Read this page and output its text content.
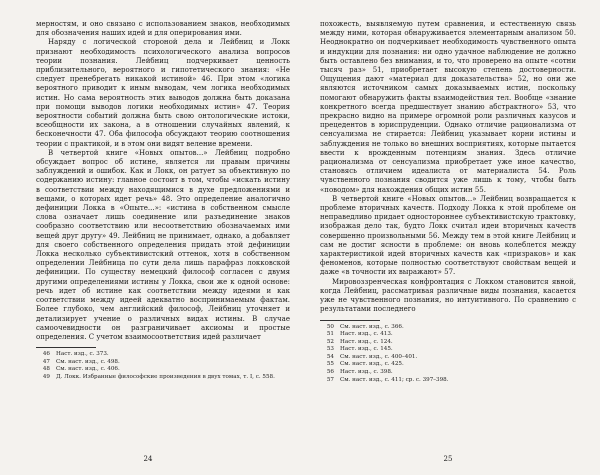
мерностям, и оно связано с использованием знаков, необходимых для обозначения наших идей и для оперирования ими.

Наряду с логической стороной дела и Лейбниц и Локк признают необходимость психологического анализа вопросов теории познания. Лейбниц подчеркивает ценность приблизительного, вероятного и гипотетического знания: «Не следует пренебрегать никакой истиной» 46. При этом «логика вероятного приводит к иным выводам, чем логика необходимых истин. Но сама вероятность этих выводов должна быть доказана при помощи выводов логики необходимых истин» 47. Теория вероятности событий должна быть свою онтологические истоки, всеобщности их закона, а в отношении случайных явлений, к бесконечности 47. Оба философа обсуждают теорию соотношения теории с практикой, и в этом они видят веление времени.

В четвертой книге «Новых опытов...» Лейбниц подробно обсуждает вопрос об истине, является ли правым причины заблуждений и ошибок. Как и Локк, он ратует за объективную по содержанию истину: главное состоит в том, чтобы «искать истину в соответствии между находящимися в духе предложениями и вещами, о которых идет речь» 48. Это определение аналогично дефиниции Локка в «Опыте...»: «истина в собственном смысле слова означает лишь соединение или разъединение знаков сообразно соответствию или несоответствию обозначаемых ими вещей друг другу» 49. Лейбниц не принимает, однако, а добавляет для своего собственного определения придать этой дефиниции Локка несколько субъективистский оттенок, хотя в собственном определении Лейбница по сути дела лишь парафраз локковской дефиниции. По существу немецкий философ согласен с двумя другими определениями истины у Локка, свои же к одной основе: речь идет об истине как соответствии между идеями и как соответствии между идеей адекватно воспринимаемым фактам. Более глубоко, чем английский философ, Лейбниц уточняет и детализирует учение о различных видах истины. В случае самоочевидности он разграничивает аксиомы и простые определения. С учетом взаимосоответствия идей различает

46 Наст. изд., с. 373.
47 См. наст. изд., с. 498.
48 См. наст. изд., с. 406.
49 Д. Локк. Избранные философские произведения в двух томах, т. I, с. 558.
24

похожесть, выявляемую путем сравнения, и естественную связь между ними, которая обнаруживается элементарным анализом 50. Неоднократно он подчеркивает необходимость чувственного опыта и индукции для познания: ни одно удачное наблюдение не должно быть оставлено без внимания, и то, что проверено на опыте «сотни тысяч раз» 51, приобретает высокую степень достоверности. Ощущения дают «материал для доказательства» 52, но они же являются источником самых доказываемых истин, поскольку помогают обнаружить факты взаимодействия тел. Вообще «знание конкретного всегда предшествует знанию абстрактного» 53, что прекрасно видно на примере огромной роли различных казусов и прецедентов в юриспруденции. Однако отличие рационализма от сенсуализма не стирается: Лейбниц указывает корни истины и заблуждения не только во внешних восприятиях, которые пытается ввести к врожденным потенциям знания. Здесь отличие рационализма от сенсуализма приобретает уже иное качество, становясь отличием идеалиста от материалиста 54. Роль чувственного познания сводится уже лишь к тому, чтобы быть «поводом» для нахождения общих истин 55.

В четвертой книге «Новых опытов...» Лейбниц возвращается к проблеме вторичных качеств. Подходу Локка к этой проблеме он неправедливо придает одностороннее субъективистскую трактовку, изображая дело так, будто Локк считал идеи вторичных качеств совершенно произвольными 56. Между тем в этой книге Лейбниц и сам не достиг ясности в проблеме: он вновь колеблется между характеристикой идей вторичных качеств как «призраков» и как феноменов, которые полностью соответствуют свойствам вещей и даже «в точности их выражают» 57.

Мировоззренческая конфронтация с Локком становится явной, когда Лейбниц, рассматривая различные виды познания, касается уже не чувственного познания, но интуитивного. По сравнению с результатами последнего

50 См. наст. изд., с. 366.
51 Наст. изд., с. 413.
52 Наст. изд., с. 124.
53 Наст. изд., с. 145.
54 См. наст. изд., с. 400–401.
55 См. наст. изд., с. 425.
56 Наст. изд., с. 398.
57 См. наст. изд., с. 411; ср. с. 397–398.
25
